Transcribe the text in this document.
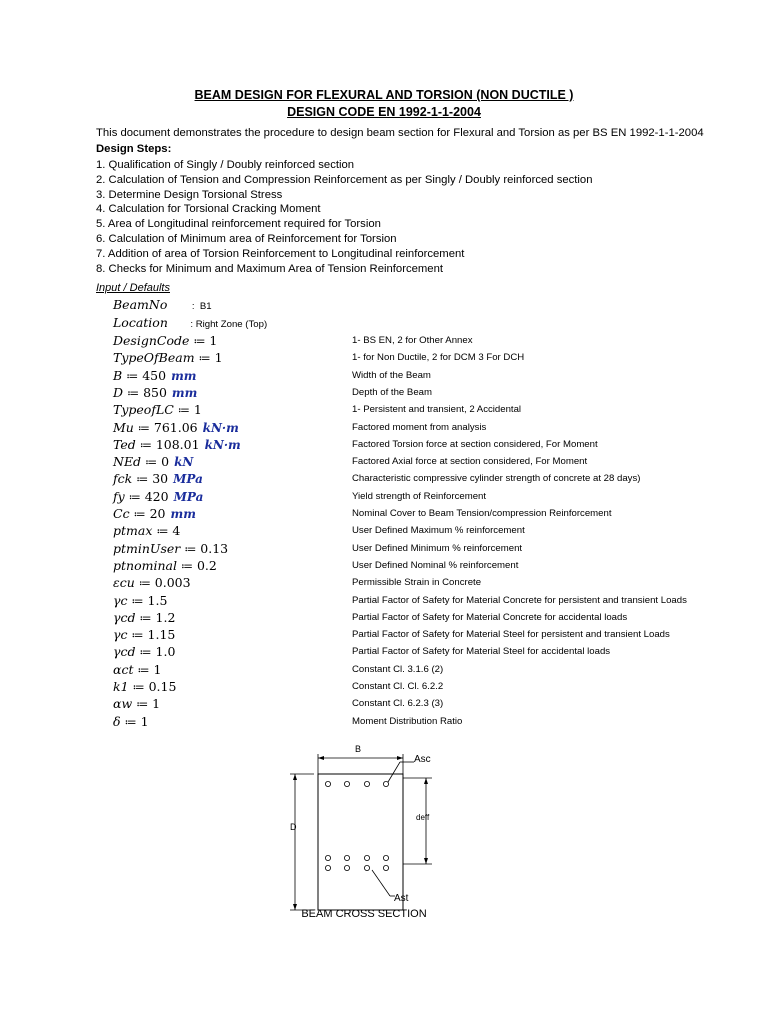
BEAM DESIGN FOR FLEXURAL AND TORSION (NON DUCTILE )
DESIGN CODE EN 1992-1-1-2004
This document demonstrates the procedure to design beam section for Flexural and Torsion as per BS EN 1992-1-1-2004
Design Steps:
1. Qualification of Singly / Doubly reinforced section
2. Calculation of Tension and Compression Reinforcement as per Singly / Doubly reinforced section
3. Determine Design Torsional Stress
4. Calculation for Torsional Cracking Moment
5. Area of Longitudinal reinforcement required for Torsion
6. Calculation of Minimum area of Reinforcement for Torsion
7. Addition of area of Torsion Reinforcement to Longitudinal reinforcement
8. Checks for Minimum and Maximum Area of Tension Reinforcement
Input / Defaults
BeamNo	:  B1
Location : Right Zone (Top)
DesignCode ≔ 1	1- BS EN, 2 for Other Annex
TypeOfBeam ≔ 1	1- for Non Ductile, 2 for DCM 3 For DCH
B ≔ 450 mm	Width of the Beam
D ≔ 850 mm	Depth of the Beam
TypeofLC ≔ 1	1- Persistent and transient, 2 Accidental
Mu ≔ 761.06 kN·m	Factored moment from analysis
Ted ≔ 108.01 kN·m	Factored Torsion force at section considered, For Moment
NEd ≔ 0 kN	Factored Axial force at section considered, For Moment
fck ≔ 30 MPa	Characteristic compressive cylinder strength of concrete at 28 days)
fy ≔ 420 MPa	Yield strength of Reinforcement
Cc ≔ 20 mm	Nominal Cover to Beam Tension/compression Reinforcement
ptmax ≔ 4	User Defined Maximum % reinforcement
ptminUser ≔ 0.13	User Defined Minimum % reinforcement
ptnominal ≔ 0.2	User Defined Nominal % reinforcement
εcu ≔ 0.003	Permissible Strain in Concrete
γc ≔ 1.5	Partial Factor of Safety for Material Concrete for persistent and transient Loads
γcd ≔ 1.2	Partial Factor of Safety for Material Concrete for accidental loads
γc ≔ 1.15	Partial Factor of Safety for Material Steel for persistent and transient Loads
γcd ≔ 1.0	Partial Factor of Safety for Material Steel for accidental loads
αct ≔ 1	Constant Cl. 3.1.6 (2)
k1 ≔ 0.15	Constant Cl. Cl. 6.2.2
αw ≔ 1	Constant Cl. 6.2.3 (3)
δ ≔ 1	Moment Distribution Ratio
B
D
Asc
deff
Ast
BEAM CROSS SECTION
